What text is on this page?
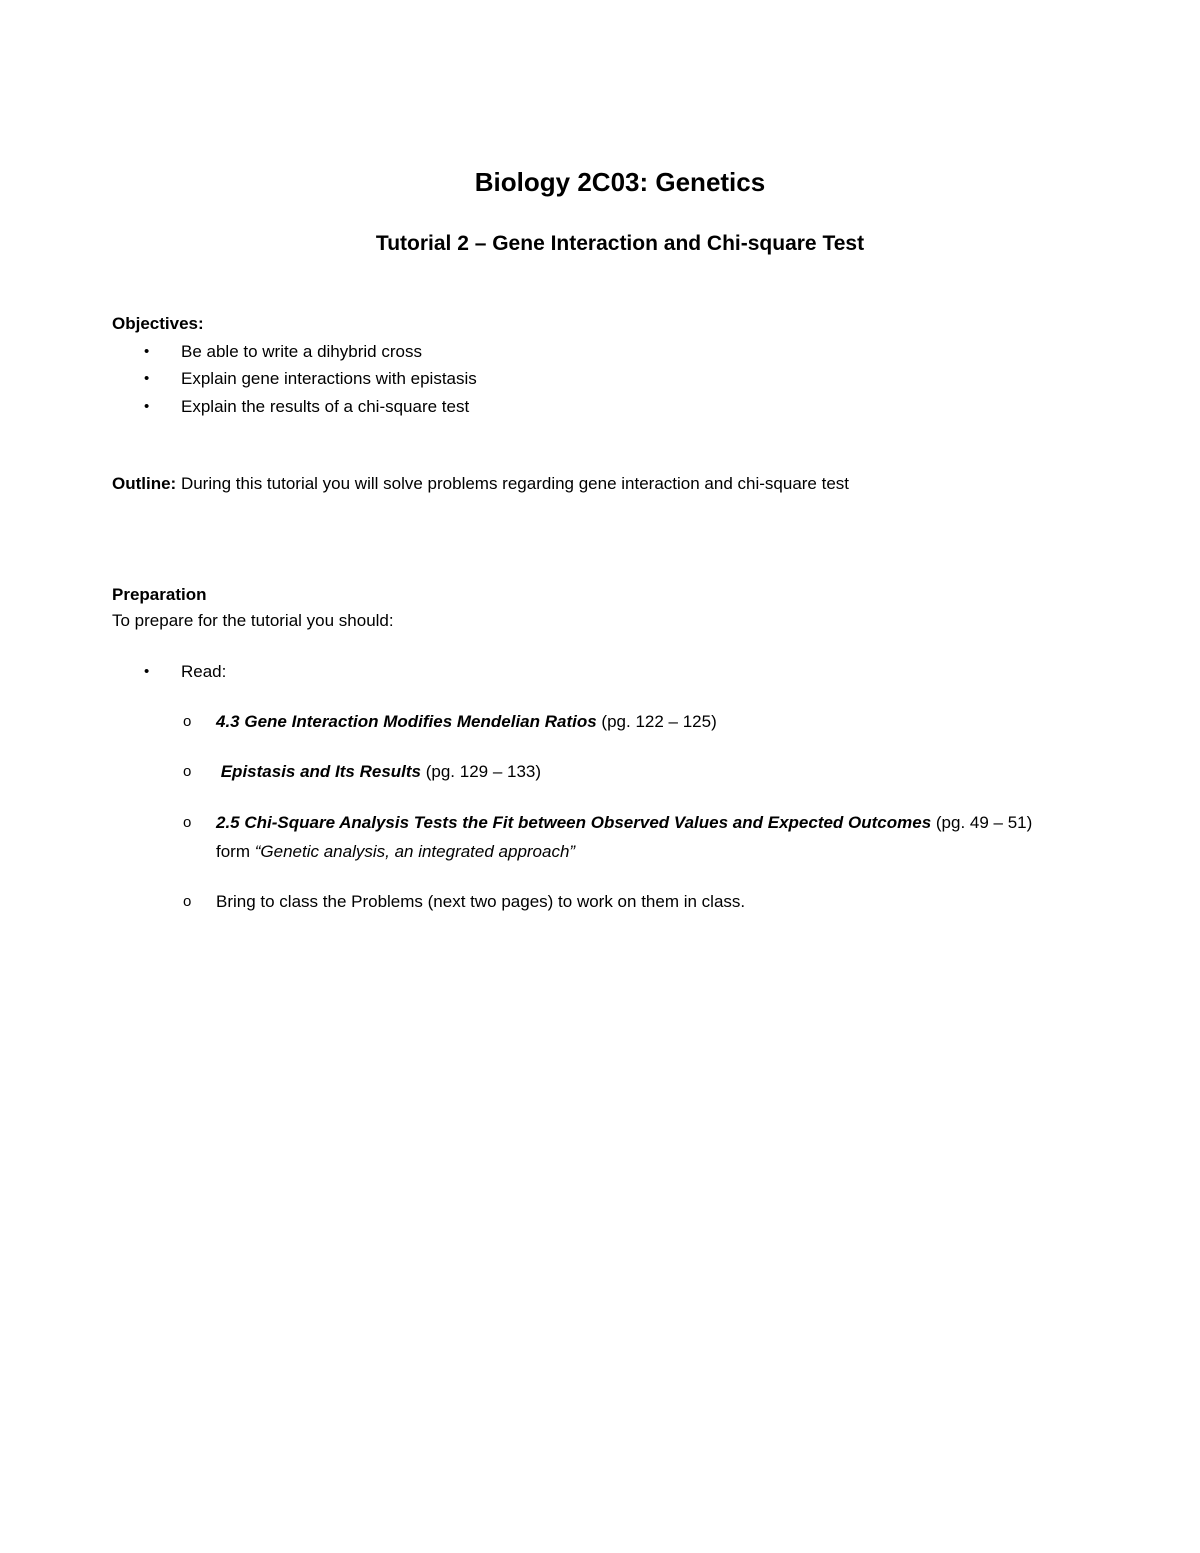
Biology 2C03: Genetics
Tutorial 2 – Gene Interaction and Chi-square Test
Objectives:
• Be able to write a dihybrid cross
• Explain gene interactions with epistasis
• Explain the results of a chi-square test
Outline: During this tutorial you will solve problems regarding gene interaction and chi-square test
Preparation
To prepare for the tutorial you should:
• Read:
o 4.3 Gene Interaction Modifies Mendelian Ratios (pg. 122 – 125)
o Epistasis and Its Results (pg. 129 – 133)
o 2.5 Chi-Square Analysis Tests the Fit between Observed Values and Expected Outcomes (pg. 49 – 51)
form “Genetic analysis, an integrated approach”
o Bring to class the Problems (next two pages) to work on them in class.
